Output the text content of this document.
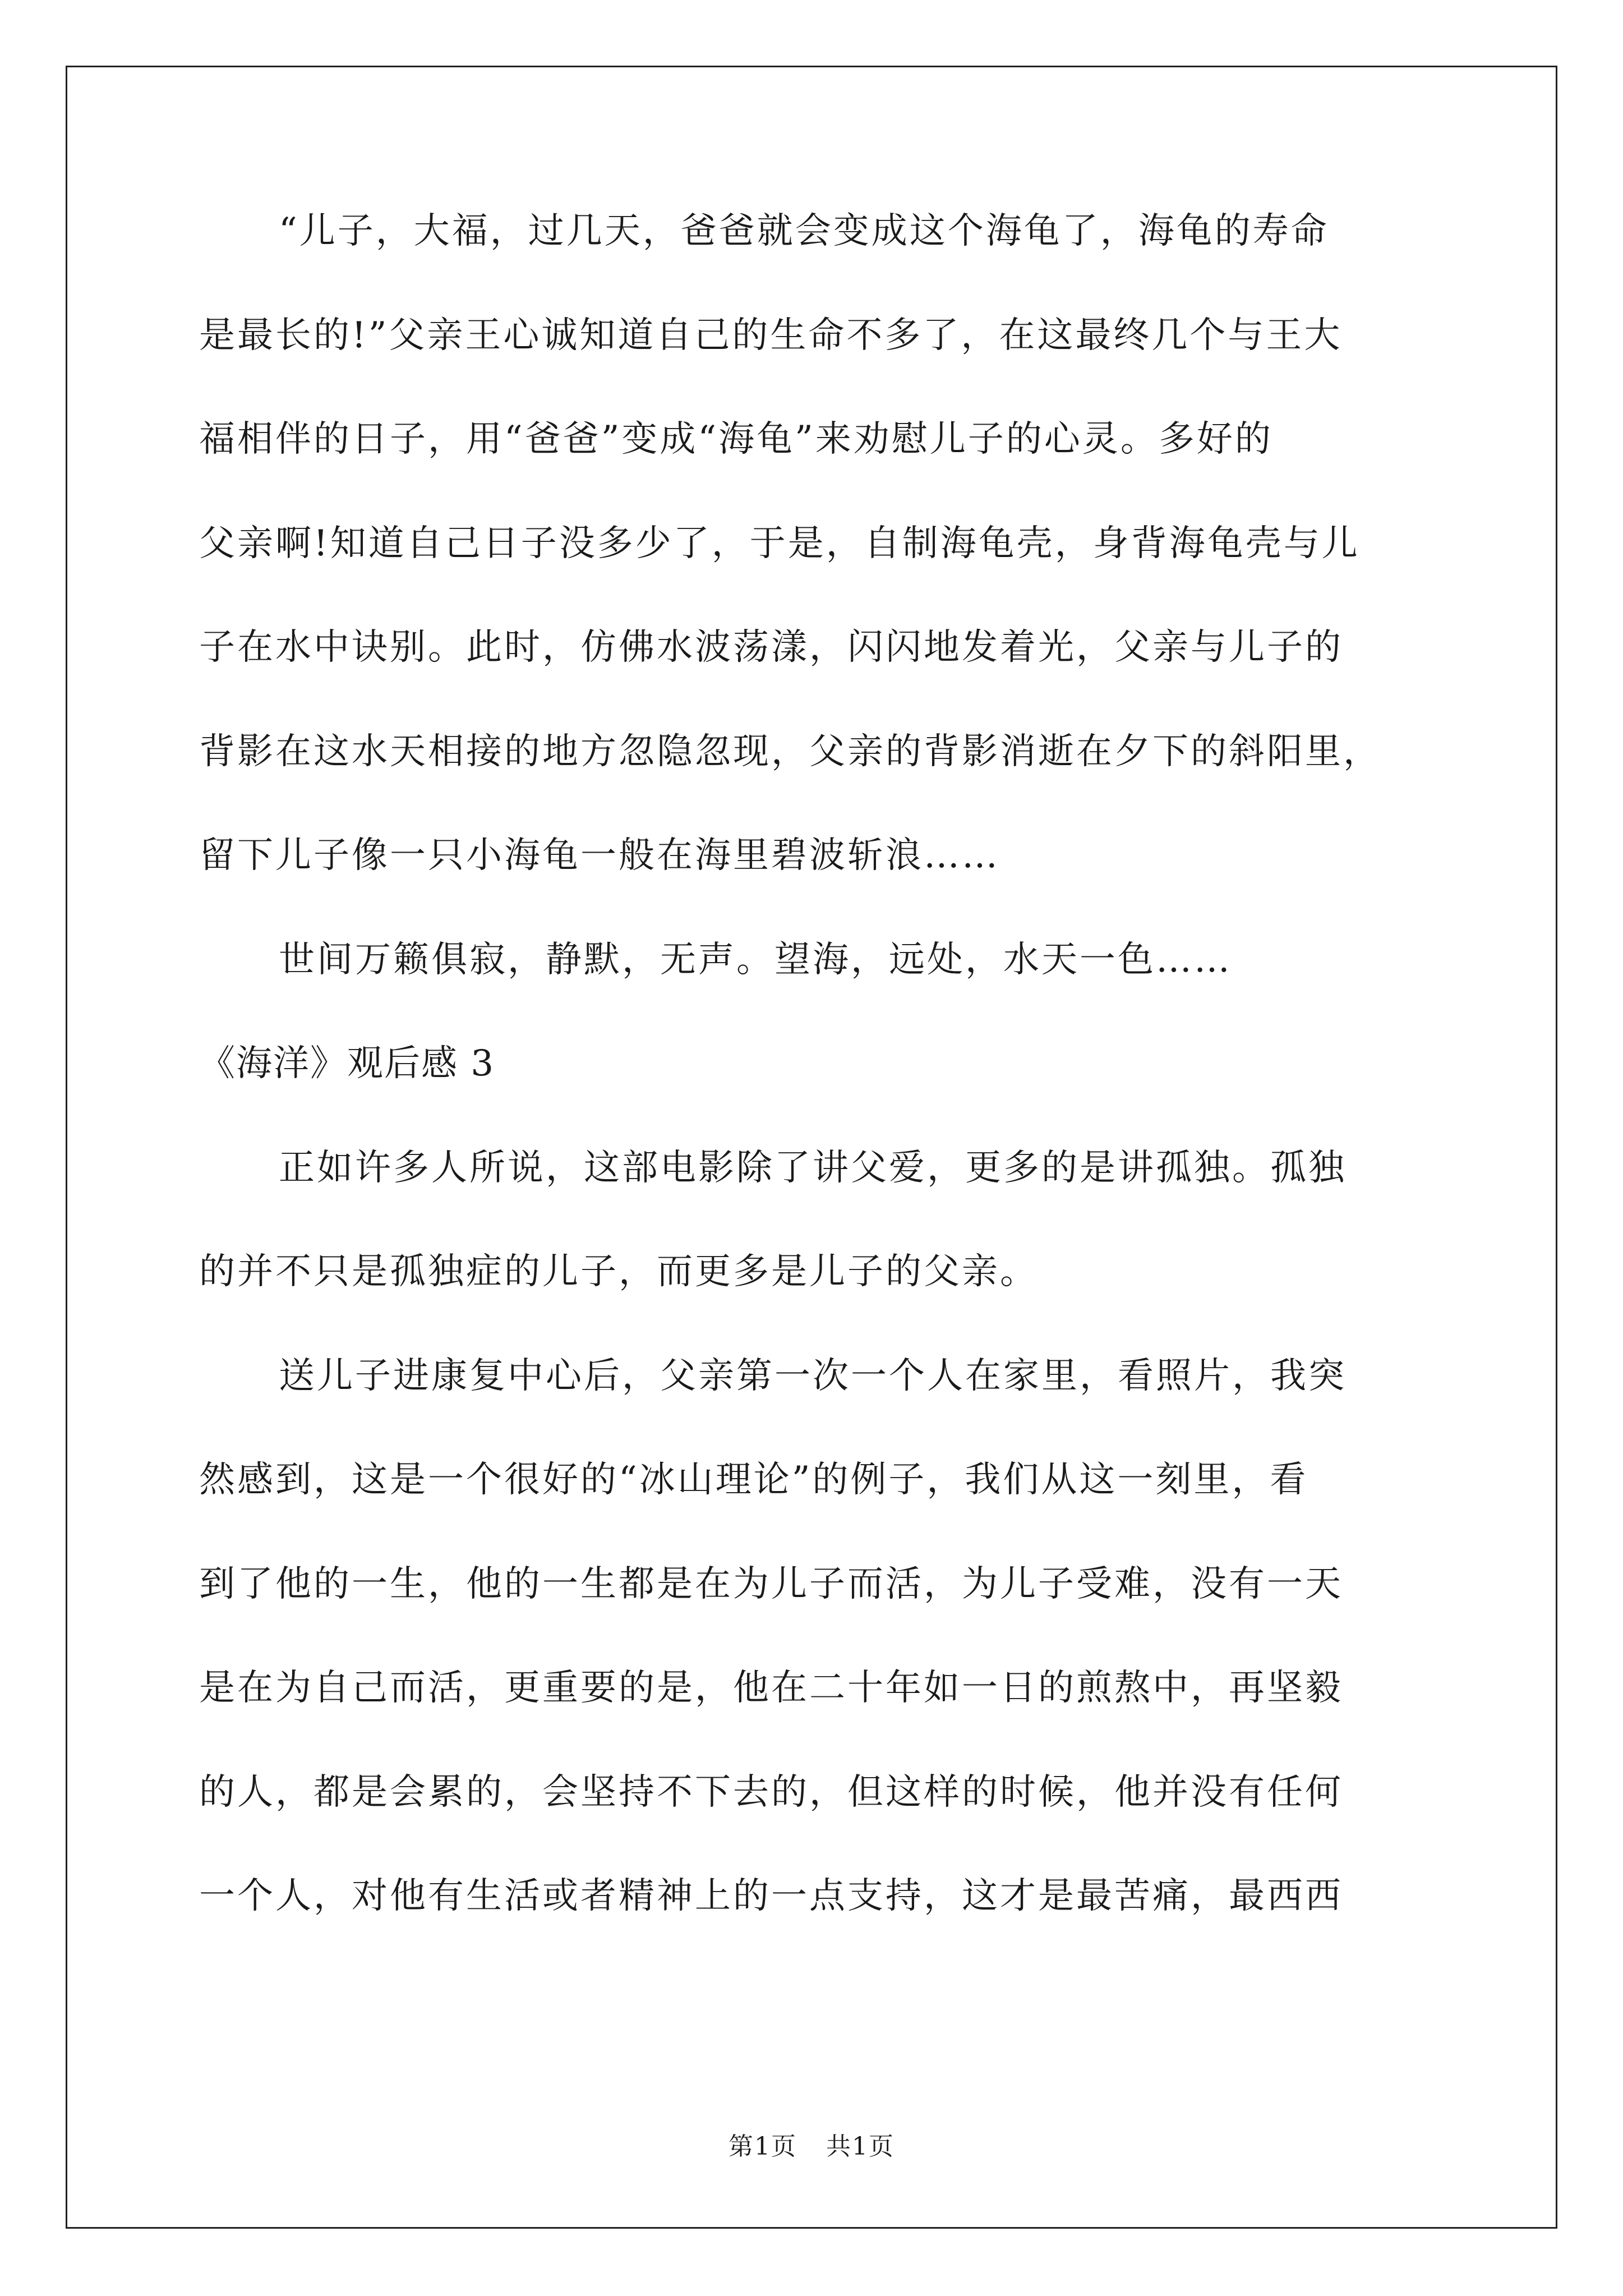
“儿子，大福，过几天，爸爸就会变成这个海龟了，海龟的寿命
是最长的!”父亲王心诚知道自己的生命不多了，在这最终几个与王大
福相伴的日子，用“爸爸”变成“海龟”来劝慰儿子的心灵。多好的
父亲啊!知道自己日子没多少了，于是，自制海龟壳，身背海龟壳与儿
子在水中诀别。此时，仿佛水波荡漾，闪闪地发着光，父亲与儿子的
背影在这水天相接的地方忽隐忽现，父亲的背影消逝在夕下的斜阳里，
留下儿子像一只小海龟一般在海里碧波斩浪……
世间万籁俱寂，静默，无声。望海，远处，水天一色……
《海洋》观后感 3
正如许多人所说，这部电影除了讲父爱，更多的是讲孤独。孤独
的并不只是孤独症的儿子，而更多是儿子的父亲。
送儿子进康复中心后，父亲第一次一个人在家里，看照片，我突
然感到，这是一个很好的“冰山理论”的例子，我们从这一刻里，看
到了他的一生，他的一生都是在为儿子而活，为儿子受难，没有一天
是在为自己而活，更重要的是，他在二十年如一日的煎熬中，再坚毅
的人，都是会累的，会坚持不下去的，但这样的时候，他并没有任何
一个人，对他有生活或者精神上的一点支持，这才是最苦痛，最西西
第1页 共1页
